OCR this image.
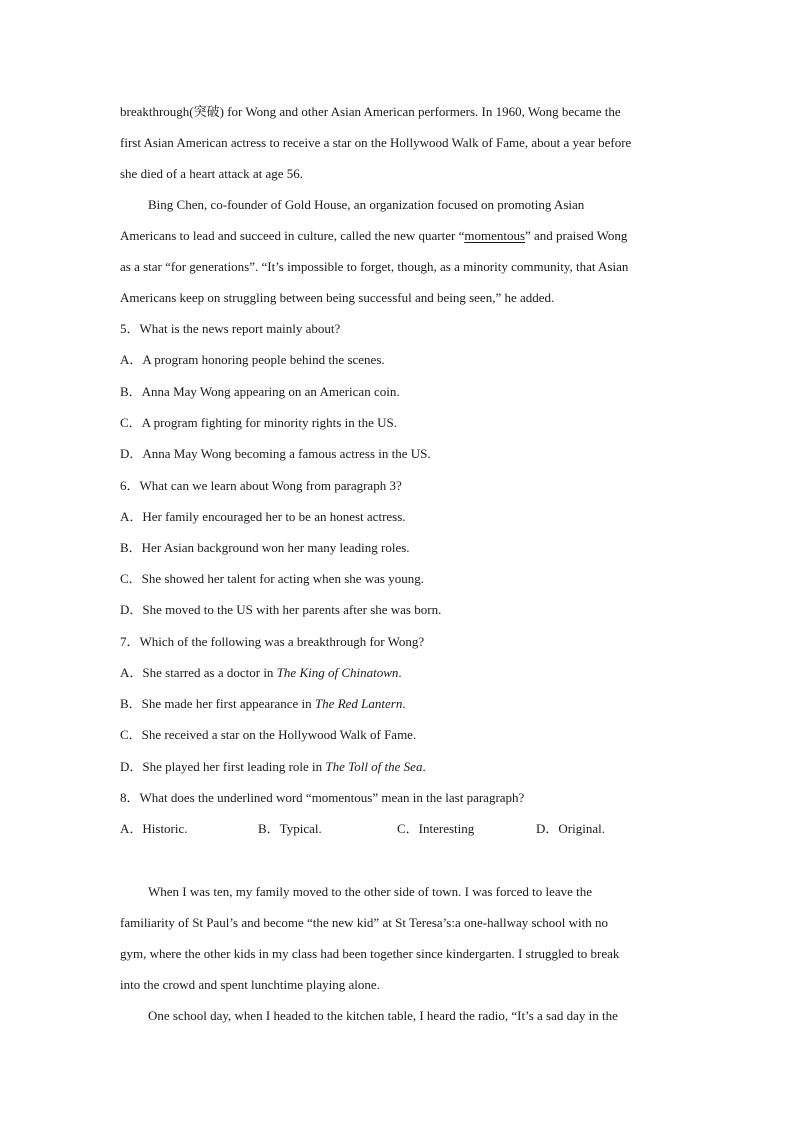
breakthrough(突破) for Wong and other Asian American performers. In 1960, Wong became the

first Asian American actress to receive a star on the Hollywood Walk of Fame, about a year before

she died of a heart attack at age 56.

Bing Chen, co-founder of Gold House, an organization focused on promoting Asian

Americans to lead and succeed in culture, called the new quarter “momentous” and praised Wong

as a star “for generations”. “It’s impossible to forget, though, as a minority community, that Asian

Americans keep on struggling between being successful and being seen,” he added.

5．What is the news report mainly about?

A．A program honoring people behind the scenes.

B．Anna May Wong appearing on an American coin.

C．A program fighting for minority rights in the US.

D．Anna May Wong becoming a famous actress in the US.

6．What can we learn about Wong from paragraph 3?

A．Her family encouraged her to be an honest actress.

B．Her Asian background won her many leading roles.

C．She showed her talent for acting when she was young.

D．She moved to the US with her parents after she was born.

7．Which of the following was a breakthrough for Wong?

A．She starred as a doctor in The King of Chinatown.

B．She made her first appearance in The Red Lantern.

C．She received a star on the Hollywood Walk of Fame.

D．She played her first leading role in The Toll of the Sea.

8．What does the underlined word “momentous” mean in the last paragraph?

A．Historic.	B．Typical.	C．Interesting	D．Original.

When I was ten, my family moved to the other side of town. I was forced to leave the

familiarity of St Paul’s and become “the new kid” at St Teresa’s:a one-hallway school with no

gym, where the other kids in my class had been together since kindergarten. I struggled to break

into the crowd and spent lunchtime playing alone.

One school day, when I headed to the kitchen table, I heard the radio, “It’s a sad day in the
